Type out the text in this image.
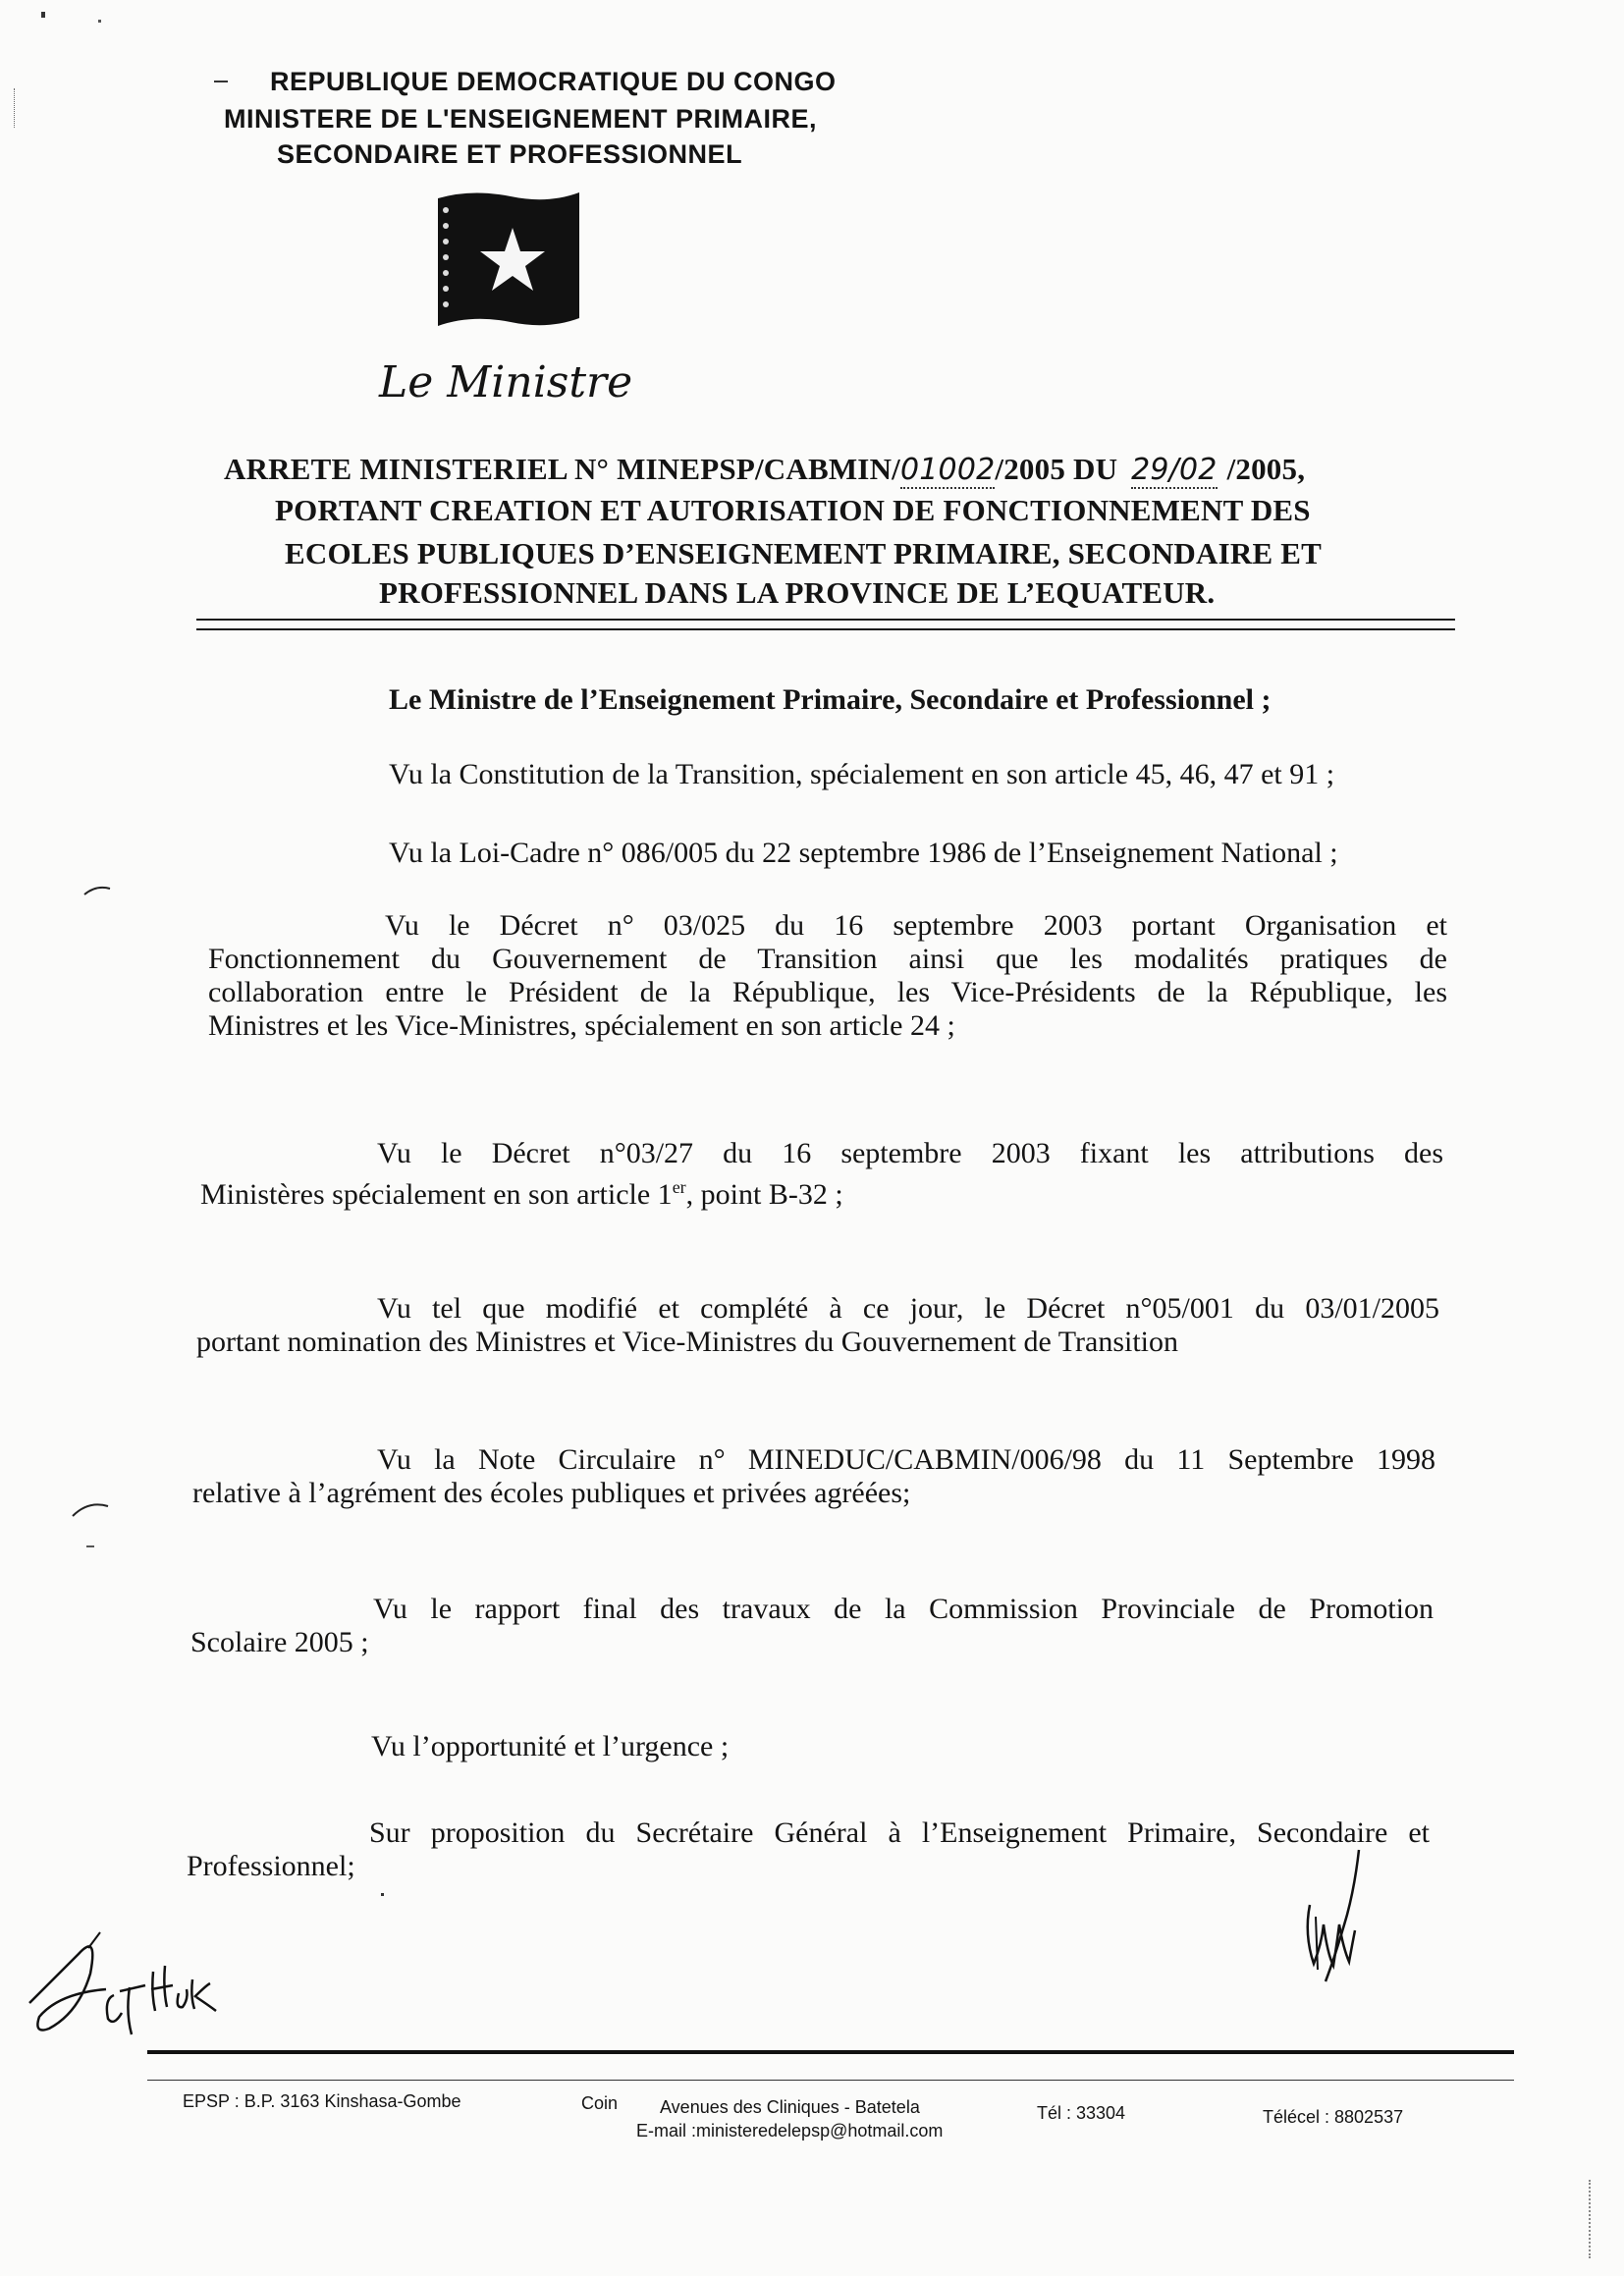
REPUBLIQUE DEMOCRATIQUE DU CONGO
MINISTERE DE L'ENSEIGNEMENT PRIMAIRE,
SECONDAIRE ET PROFESSIONNEL
Le Ministre
ARRETE MINISTERIEL N° MINEPSP/CABMIN/01002/2005 DU 29/02 /2005,
PORTANT CREATION ET AUTORISATION DE FONCTIONNEMENT DES
ECOLES PUBLIQUES D’ENSEIGNEMENT PRIMAIRE, SECONDAIRE ET
PROFESSIONNEL DANS LA PROVINCE DE L’EQUATEUR.
Le Ministre de l’Enseignement Primaire, Secondaire et Professionnel ;
Vu la Constitution de la Transition, spécialement en son article 45, 46, 47 et 91 ;
Vu la Loi-Cadre n° 086/005 du 22 septembre 1986 de l’Enseignement National ;
Vu le Décret n° 03/025 du 16 septembre 2003 portant Organisation et
Fonctionnement du Gouvernement de Transition ainsi que les modalités pratiques de
collaboration entre le Président de la République, les Vice-Présidents de la République, les
Ministres et les Vice-Ministres, spécialement en son article 24 ;
Vu le Décret n°03/27 du 16 septembre 2003 fixant les attributions des
Ministères spécialement en son article 1er, point B-32 ;
Vu tel que modifié et complété à ce jour, le Décret n°05/001 du 03/01/2005
portant nomination des Ministres et Vice-Ministres du Gouvernement de Transition
Vu la Note Circulaire n° MINEDUC/CABMIN/006/98 du 11 Septembre 1998
relative à l’agrément des écoles publiques et privées agréées;
Vu le rapport final des travaux de la Commission Provinciale de Promotion
Scolaire 2005 ;
Vu l’opportunité et l’urgence ;
Sur proposition du Secrétaire Général à l’Enseignement Primaire, Secondaire et
Professionnel;
EPSP : B.P. 3163 Kinshasa-Gombe	Coin Avenues des Cliniques - Batetela
E-mail :ministeredelepsp@hotmail.com
Tél : 33304	Télécel : 8802537
